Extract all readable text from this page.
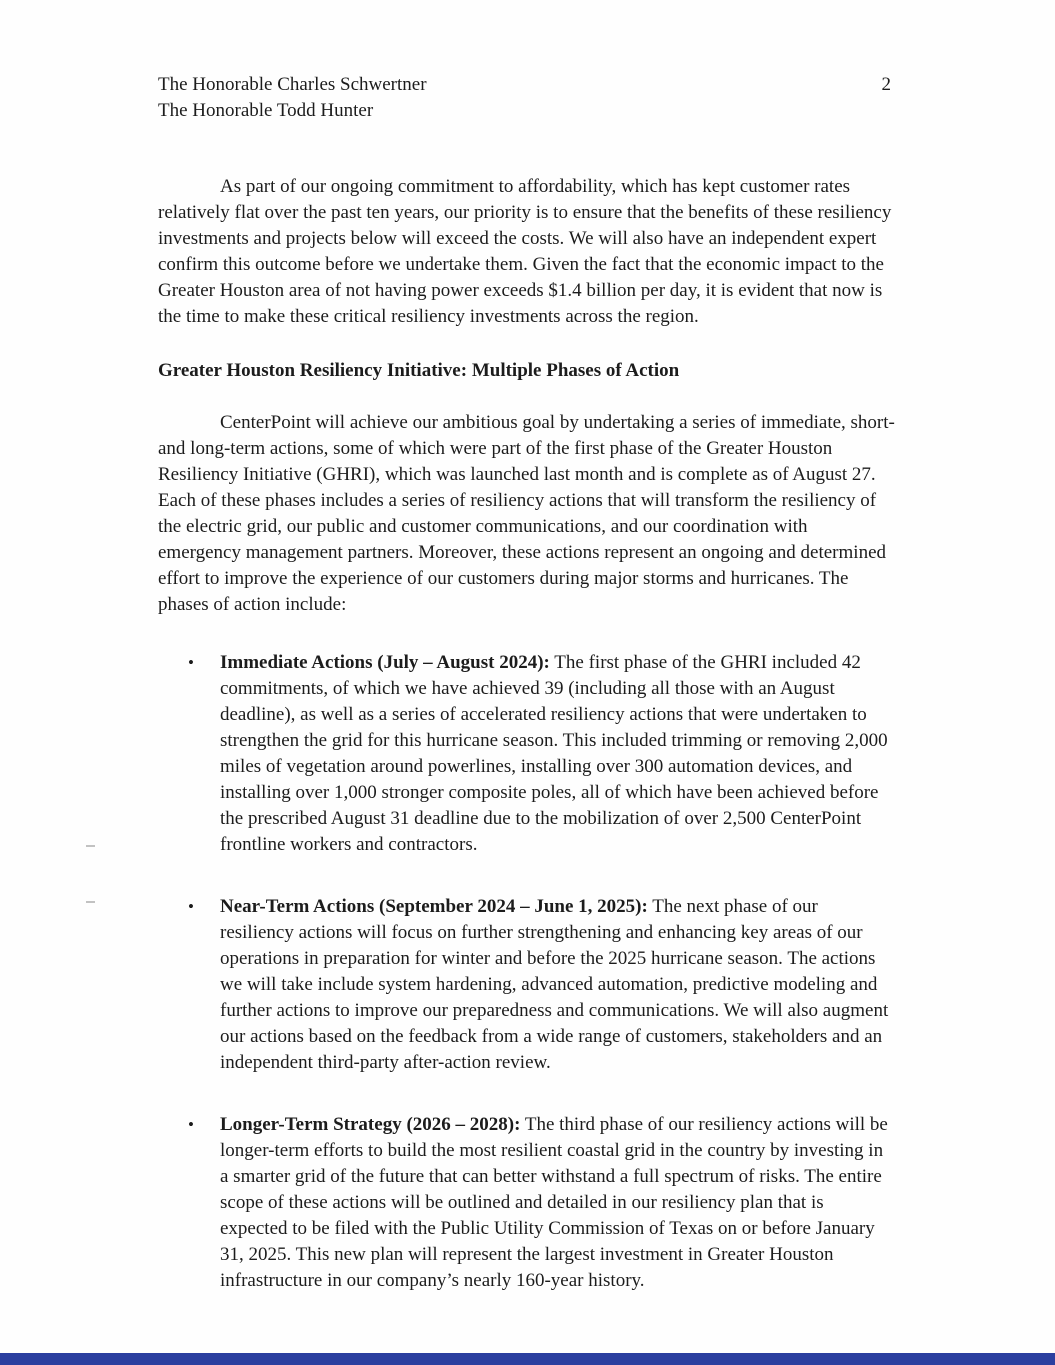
The Honorable Charles Schwertner
The Honorable Todd Hunter
2

As part of our ongoing commitment to affordability, which has kept customer rates relatively flat over the past ten years, our priority is to ensure that the benefits of these resiliency investments and projects below will exceed the costs. We will also have an independent expert confirm this outcome before we undertake them. Given the fact that the economic impact to the Greater Houston area of not having power exceeds $1.4 billion per day, it is evident that now is the time to make these critical resiliency investments across the region.

Greater Houston Resiliency Initiative: Multiple Phases of Action

CenterPoint will achieve our ambitious goal by undertaking a series of immediate, short- and long-term actions, some of which were part of the first phase of the Greater Houston Resiliency Initiative (GHRI), which was launched last month and is complete as of August 27. Each of these phases includes a series of resiliency actions that will transform the resiliency of the electric grid, our public and customer communications, and our coordination with emergency management partners. Moreover, these actions represent an ongoing and determined effort to improve the experience of our customers during major storms and hurricanes. The phases of action include:

• Immediate Actions (July – August 2024): The first phase of the GHRI included 42 commitments, of which we have achieved 39 (including all those with an August deadline), as well as a series of accelerated resiliency actions that were undertaken to strengthen the grid for this hurricane season. This included trimming or removing 2,000 miles of vegetation around powerlines, installing over 300 automation devices, and installing over 1,000 stronger composite poles, all of which have been achieved before the prescribed August 31 deadline due to the mobilization of over 2,500 CenterPoint frontline workers and contractors.
• Near-Term Actions (September 2024 – June 1, 2025): The next phase of our resiliency actions will focus on further strengthening and enhancing key areas of our operations in preparation for winter and before the 2025 hurricane season. The actions we will take include system hardening, advanced automation, predictive modeling and further actions to improve our preparedness and communications. We will also augment our actions based on the feedback from a wide range of customers, stakeholders and an independent third-party after-action review.
• Longer-Term Strategy (2026 – 2028): The third phase of our resiliency actions will be longer-term efforts to build the most resilient coastal grid in the country by investing in a smarter grid of the future that can better withstand a full spectrum of risks. The entire scope of these actions will be outlined and detailed in our resiliency plan that is expected to be filed with the Public Utility Commission of Texas on or before January 31, 2025. This new plan will represent the largest investment in Greater Houston infrastructure in our company’s nearly 160-year history.
